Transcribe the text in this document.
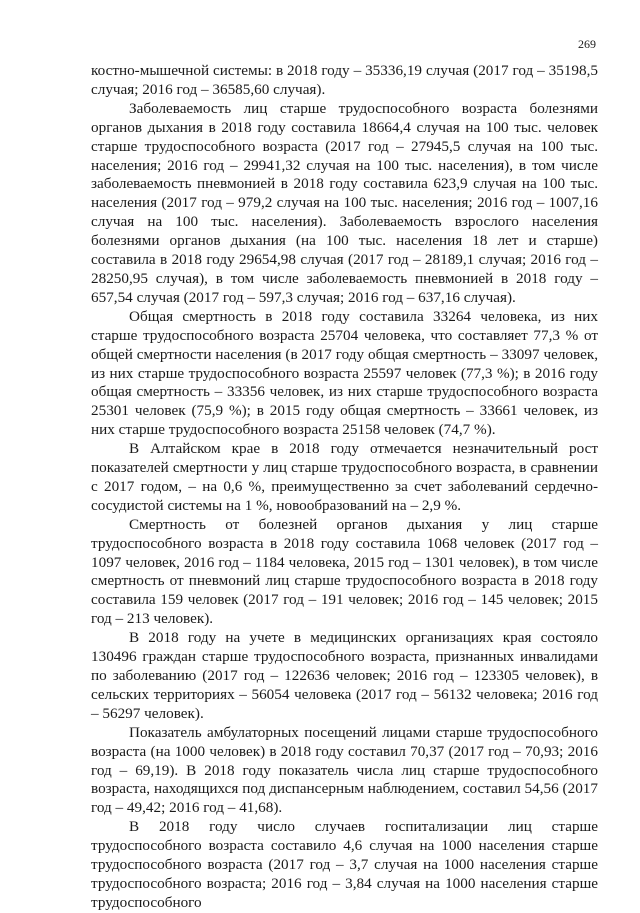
269

костно-мышечной системы: в 2018 году – 35336,19 случая (2017 год – 35198,5 случая; 2016 год – 36585,60 случая).

Заболеваемость лиц старше трудоспособного возраста болезнями органов дыхания в 2018 году составила 18664,4 случая на 100 тыс. человек старше трудоспособного возраста (2017 год – 27945,5 случая на 100 тыс. населения; 2016 год – 29941,32 случая на 100 тыс. населения), в том числе заболеваемость пневмонией в 2018 году составила 623,9 случая на 100 тыс. населения (2017 год – 979,2 случая на 100 тыс. населения; 2016 год – 1007,16 случая на 100 тыс. населения). Заболеваемость взрослого населения болезнями органов дыхания (на 100 тыс. населения 18 лет и старше) составила в 2018 году 29654,98 случая (2017 год – 28189,1 случая; 2016 год – 28250,95 случая), в том числе заболеваемость пневмонией в 2018 году – 657,54 случая (2017 год – 597,3 случая; 2016 год – 637,16 случая).

Общая смертность в 2018 году составила 33264 человека, из них старше трудоспособного возраста 25704 человека, что составляет 77,3 % от общей смертности населения (в 2017 году общая смертность – 33097 человек, из них старше трудоспособного возраста 25597 человек (77,3 %); в 2016 году общая смертность – 33356 человек, из них старше трудоспособного возраста 25301 человек (75,9 %); в 2015 году общая смертность – 33661 человек, из них старше трудоспособного возраста 25158 человек (74,7 %).

В Алтайском крае в 2018 году отмечается незначительный рост показателей смертности у лиц старше трудоспособного возраста, в сравнении с 2017 годом, – на 0,6 %, преимущественно за счет заболеваний сердечно-сосудистой системы на 1 %, новообразований на – 2,9 %.

Смертность от болезней органов дыхания у лиц старше трудоспособного возраста в 2018 году составила 1068 человек (2017 год – 1097 человек, 2016 год – 1184 человека, 2015 год – 1301 человек), в том числе смертность от пневмоний лиц старше трудоспособного возраста в 2018 году составила 159 человек (2017 год – 191 человек; 2016 год – 145 человек; 2015 год – 213 человек).

В 2018 году на учете в медицинских организациях края состояло 130496 граждан старше трудоспособного возраста, признанных инвалидами по заболеванию (2017 год – 122636 человек; 2016 год – 123305 человек), в сельских территориях – 56054 человека (2017 год – 56132 человека; 2016 год – 56297 человек).

Показатель амбулаторных посещений лицами старше трудоспособного возраста (на 1000 человек) в 2018 году составил 70,37 (2017 год – 70,93; 2016 год – 69,19). В 2018 году показатель числа лиц старше трудоспособного возраста, находящихся под диспансерным наблюдением, составил 54,56 (2017 год – 49,42; 2016 год – 41,68).

В 2018 году число случаев госпитализации лиц старше трудоспособного возраста составило 4,6 случая на 1000 населения старше трудоспособного возраста (2017 год – 3,7 случая на 1000 населения старше трудоспособного возраста; 2016 год – 3,84 случая на 1000 населения старше трудоспособного
